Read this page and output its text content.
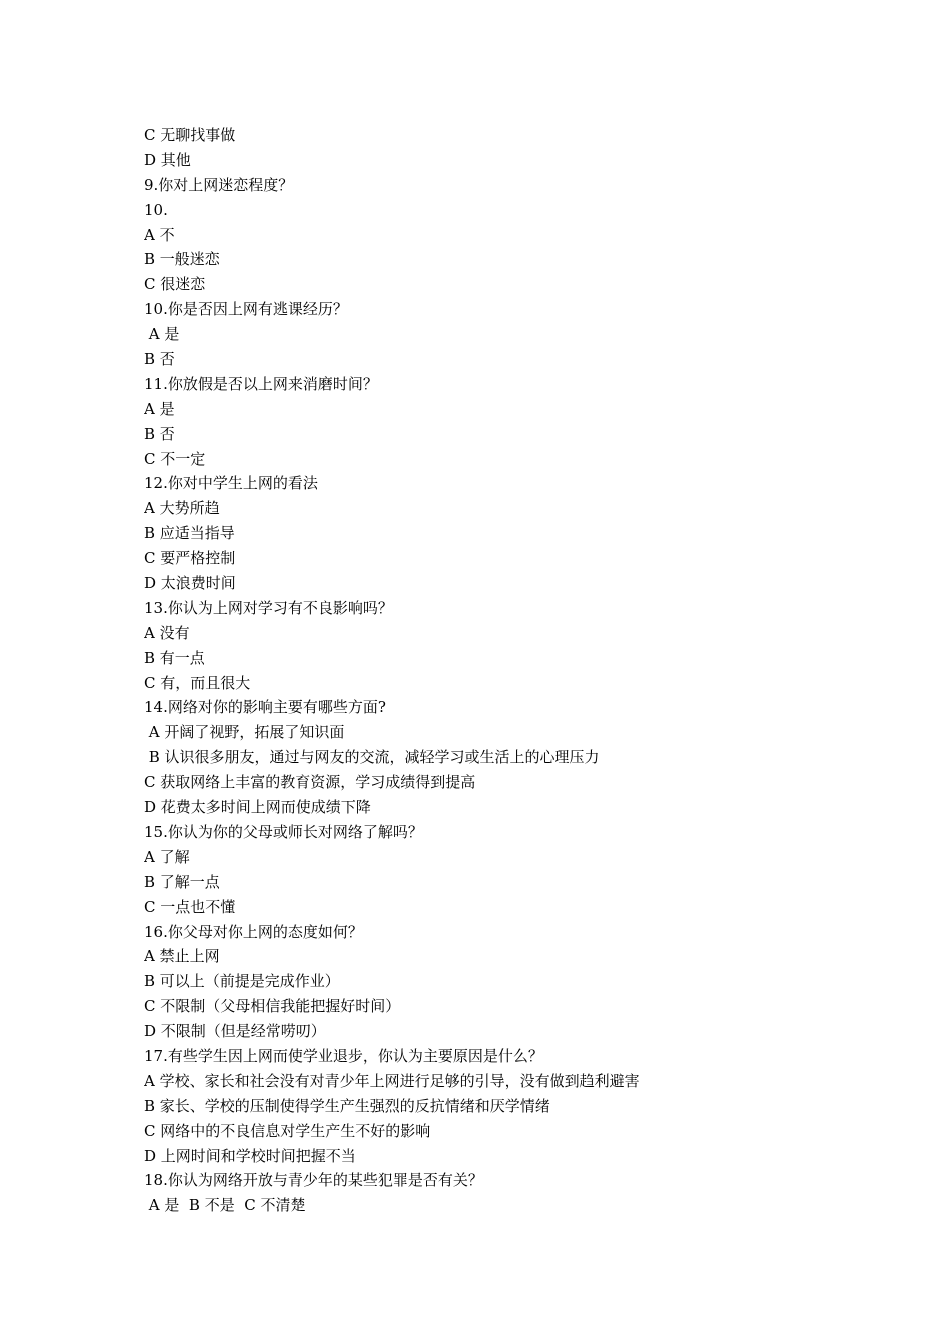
C 无聊找事做
D 其他
9.你对上网迷恋程度？
10.
A 不
B 一般迷恋
C 很迷恋
10.你是否因上网有逃课经历？
A 是
B 否
11.你放假是否以上网来消磨时间？
A 是
B 否
C 不一定
12.你对中学生上网的看法
A 大势所趋
B 应适当指导
C 要严格控制
D 太浪费时间
13.你认为上网对学习有不良影响吗？
A 没有
B 有一点
C 有，而且很大
14.网络对你的影响主要有哪些方面?
A 开阔了视野，拓展了知识面
B 认识很多朋友，通过与网友的交流，减轻学习或生活上的心理压力
C 获取网络上丰富的教育资源，学习成绩得到提高
D 花费太多时间上网而使成绩下降
15.你认为你的父母或师长对网络了解吗？
A 了解
B 了解一点
C 一点也不懂
16.你父母对你上网的态度如何？
A 禁止上网
B 可以上（前提是完成作业）
C 不限制（父母相信我能把握好时间）
D 不限制（但是经常唠叨）
17.有些学生因上网而使学业退步，你认为主要原因是什么？
A 学校、家长和社会没有对青少年上网进行足够的引导，没有做到趋利避害
B 家长、学校的压制使得学生产生强烈的反抗情绪和厌学情绪
C 网络中的不良信息对学生产生不好的影响
D 上网时间和学校时间把握不当
18.你认为网络开放与青少年的某些犯罪是否有关？
A 是  B 不是  C 不清楚
